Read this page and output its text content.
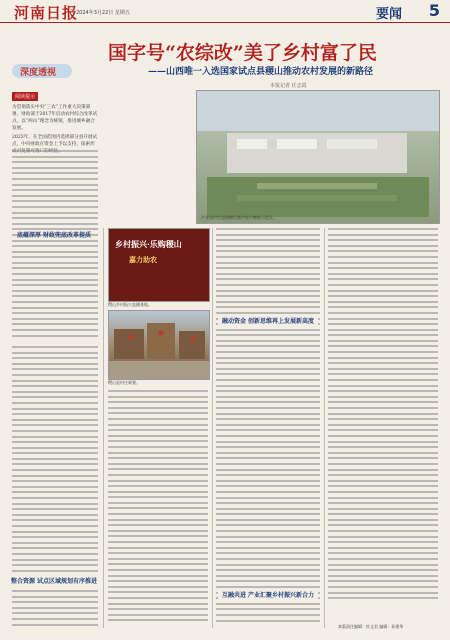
河南日报
2024年3月22日 星期五	要闻 5
深度透视
国字号“农综改”美了乡村富了民
——山西唯一入选国家试点县稷山推动农村发展的新路径
本报记者 任志霞
阅读提示

为贯彻落实中央“三农”工作重大决策部署，财政部于2017年启动农村综合改革试点，以“两山”理念为统领，推进城乡融合发展。

2023年，在全国范围内选择部分县开展试点，中央财政在资金上予以支持，探索形

产业园中打造规模化集中连片种植示范区。
乡村振兴·乐购稷山
嘉力助农
稷山乡村振兴直播基地。
稷山县村庄新貌。
底蕴深厚 财政兜底改革提质
整合资源 试点区域规划有序推进
融动资金 创新思维再上发展新高度
互融共进 产业汇聚乡村振兴新合力
本版责任编辑：杜文君 编辑：孙建华
